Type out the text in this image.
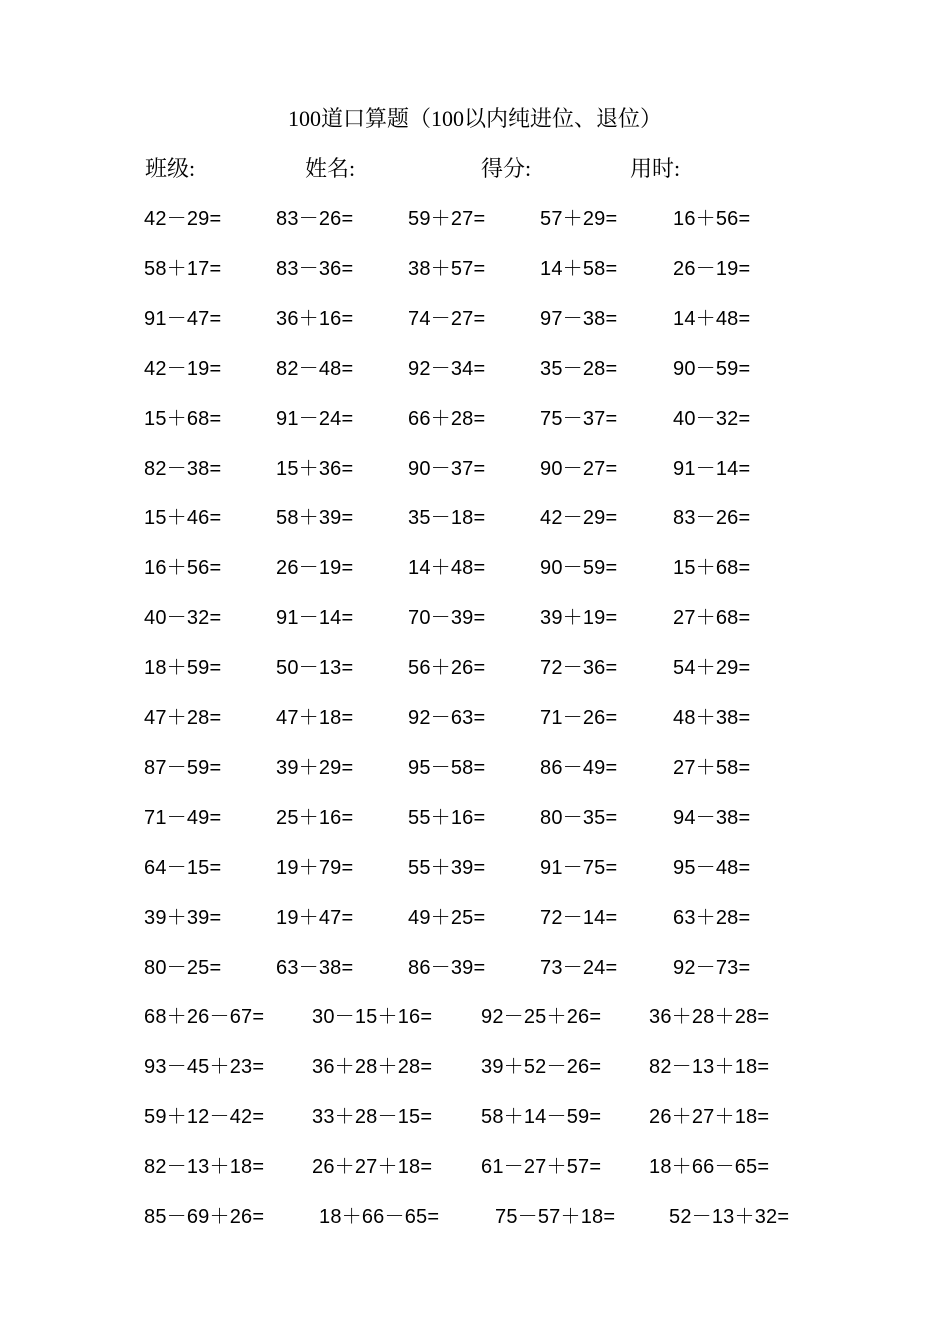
100道口算题（100以内纯进位、退位）
班级:	姓名:	得分:	用时:
42－29=	83－26=	59＋27=	57＋29=	16＋56=
58＋17=	83－36=	38＋57=	14＋58=	26－19=
91－47=	36＋16=	74－27=	97－38=	14＋48=
42－19=	82－48=	92－34=	35－28=	90－59=
15＋68=	91－24=	66＋28=	75－37=	40－32=
82－38=	15＋36=	90－37=	90－27=	91－14=
15＋46=	58＋39=	35－18=	42－29=	83－26=
16＋56=	26－19=	14＋48=	90－59=	15＋68=
40－32=	91－14=	70－39=	39＋19=	27＋68=
18＋59=	50－13=	56＋26=	72－36=	54＋29=
47＋28=	47＋18=	92－63=	71－26=	48＋38=
87－59=	39＋29=	95－58=	86－49=	27＋58=
71－49=	25＋16=	55＋16=	80－35=	94－38=
64－15=	19＋79=	55＋39=	91－75=	95－48=
39＋39=	19＋47=	49＋25=	72－14=	63＋28=
80－25=	63－38=	86－39=	73－24=	92－73=
68＋26－67= 30－15＋16= 92－25＋26= 36＋28＋28=
93－45＋23= 36＋28＋28= 39＋52－26= 82－13＋18=
59＋12－42= 33＋28－15= 58＋14－59= 26＋27＋18=
82－13＋18= 26＋27＋18= 61－27＋57= 18＋66－65=
85－69＋26=	18＋66－65=	75－57＋18=	52－13＋32=
